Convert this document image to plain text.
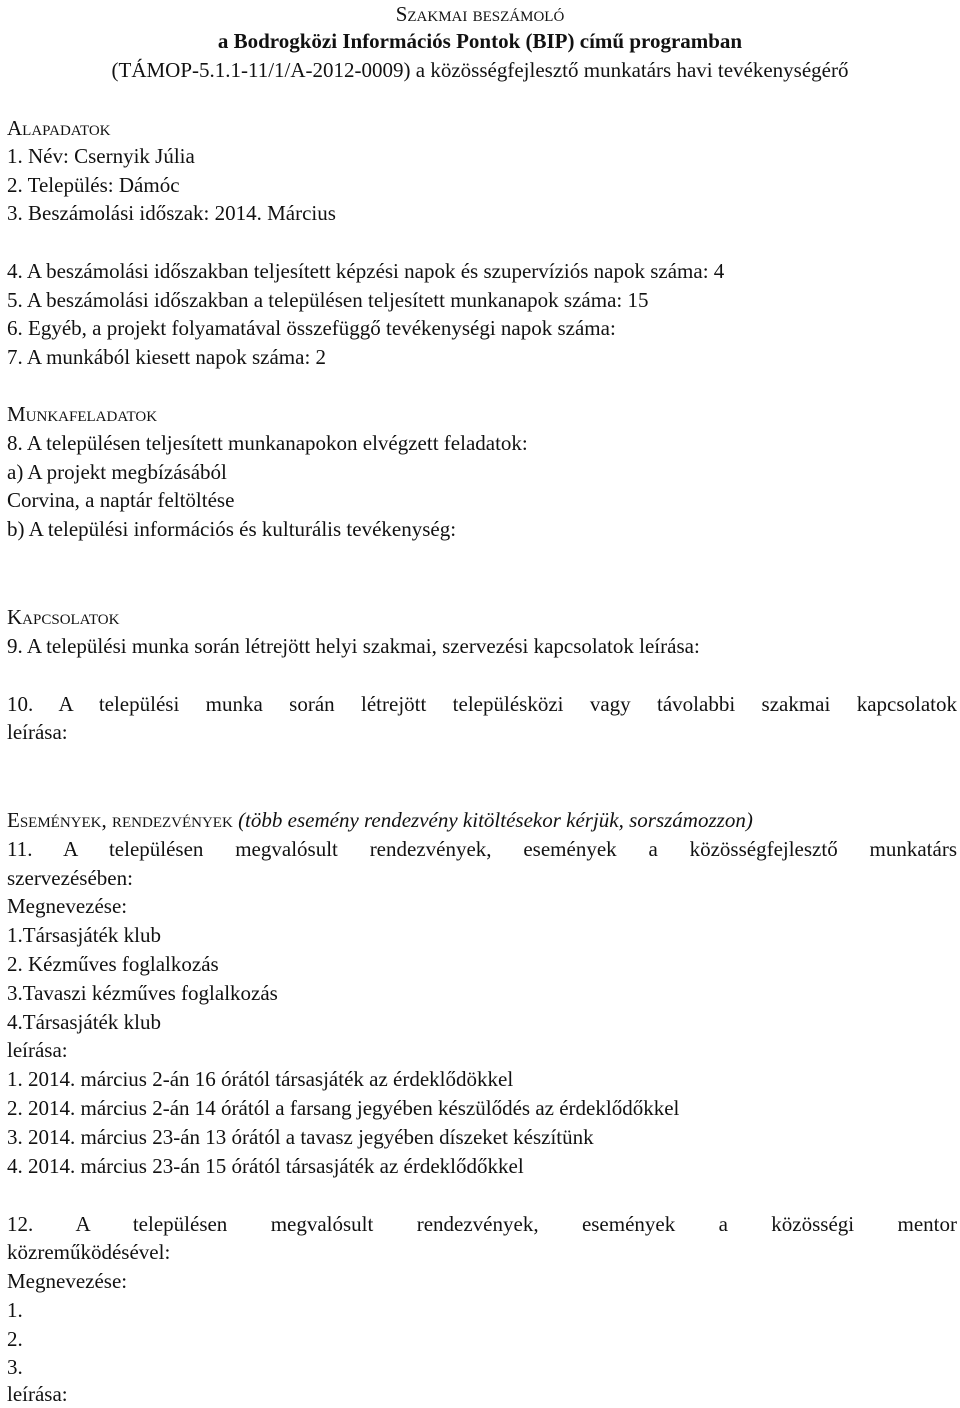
Szakmai beszámoló
a Bodrogközi Információs Pontok (BIP) című programban
(TÁMOP-5.1.1-11/1/A-2012-0009) a közösségfejlesztő munkatárs havi tevékenységérő
Alapadatok
1. Név: Csernyik Júlia
2. Település: Dámóc
3. Beszámolási időszak: 2014. Március
4. A beszámolási időszakban teljesített képzési napok és szupervíziós napok száma: 4
5. A beszámolási időszakban a településen teljesített munkanapok száma: 15
6. Egyéb, a projekt folyamatával összefüggő tevékenységi napok száma:
7. A munkából kiesett napok száma: 2
Munkafeladatok
8. A településen teljesített munkanapokon elvégzett feladatok:
a) A projekt megbízásából
Corvina, a naptár feltöltése
b) A települési információs és kulturális tevékenység:
Kapcsolatok
9. A települési munka során létrejött helyi szakmai, szervezési kapcsolatok leírása:
10. A települési munka során létrejött településközi vagy távolabbi szakmai kapcsolatok
leírása:
Események, rendezvények (több esemény rendezvény kitöltésekor kérjük, sorszámozzon)
11. A településen megvalósult rendezvények, események a közösségfejlesztő munkatárs
szervezésében:
Megnevezése:
1.Társasjáték klub
2. Kézműves foglalkozás
3.Tavaszi kézműves foglalkozás
4.Társasjáték klub
leírása:
1. 2014. március 2-án 16 órától társasjáték az érdeklődökkel
2. 2014. március 2-án 14 órától a farsang jegyében készülődés az érdeklődőkkel
3. 2014. március 23-án 13 órától a tavasz jegyében díszeket készítünk
4. 2014. március 23-án 15 órától társasjáték az érdeklődőkkel
12. A településen megvalósult rendezvények, események a közösségi mentor
közreműködésével:
Megnevezése:
1.
2.
3.
leírása:
